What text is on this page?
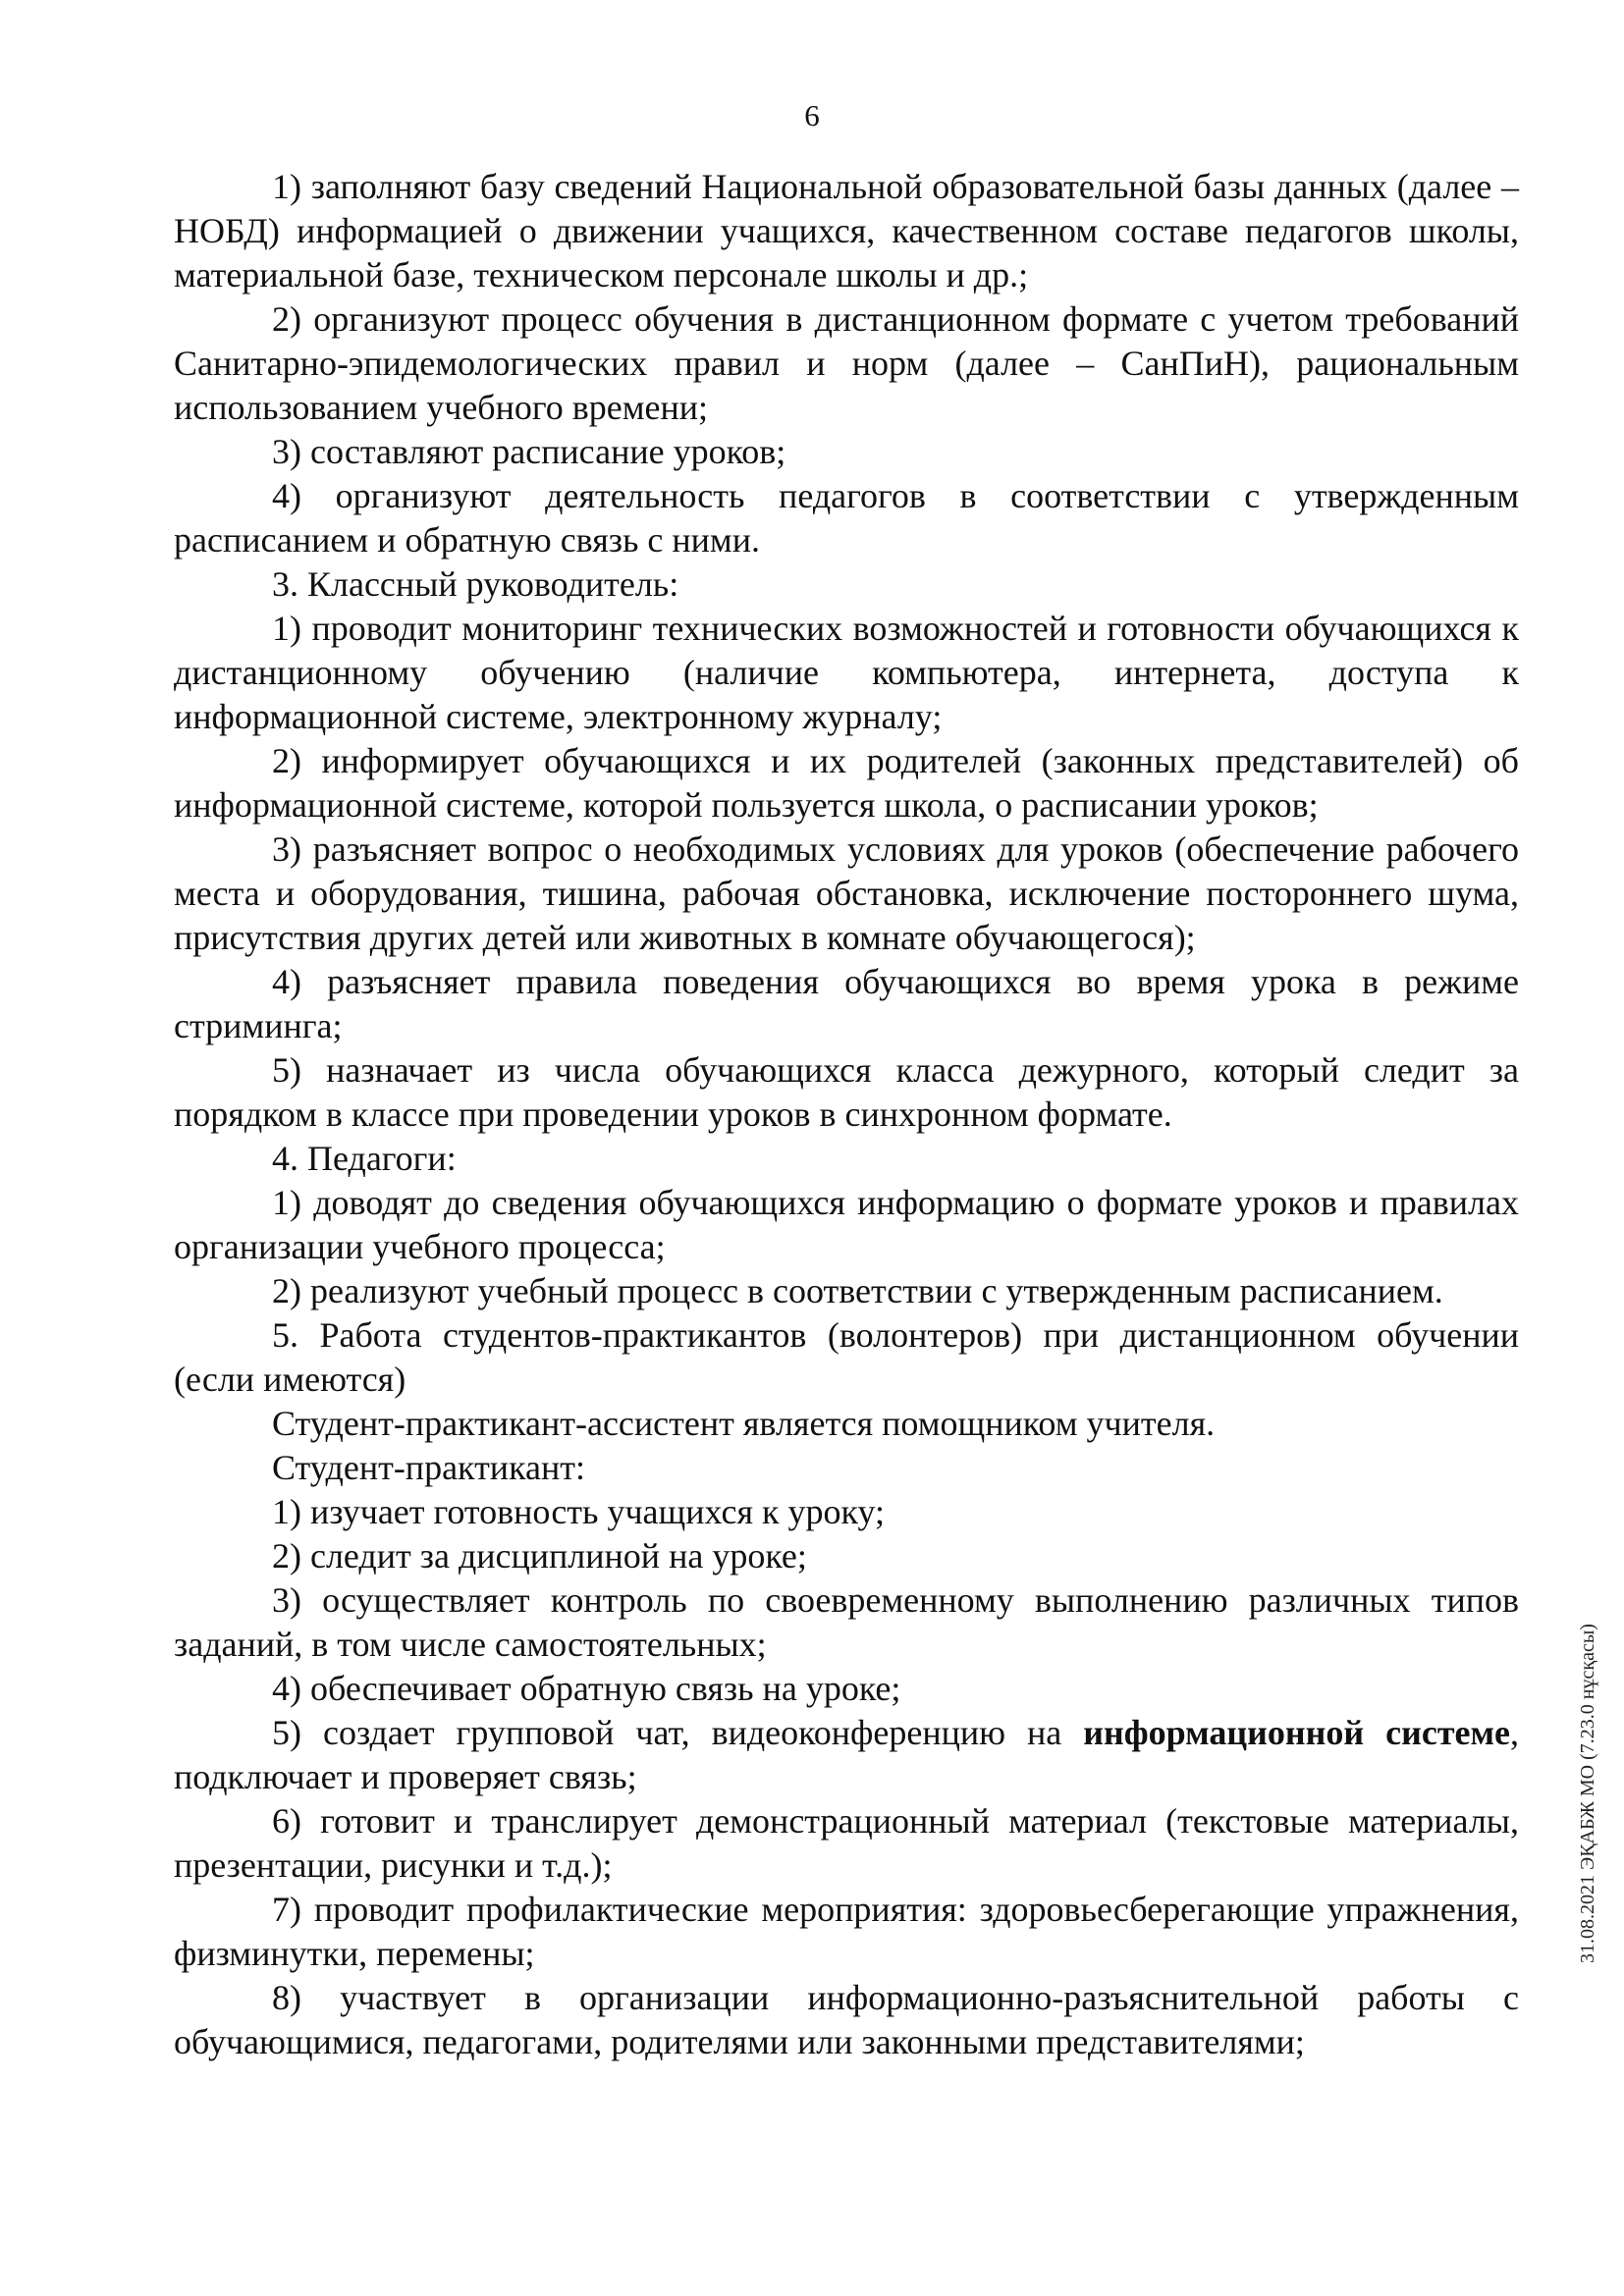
6

1) заполняют базу сведений Национальной образовательной базы данных (далее – НОБД) информацией о движении учащихся, качественном составе педагогов школы, материальной базе, техническом персонале школы и др.;

2) организуют процесс обучения в дистанционном формате с учетом требований Санитарно-эпидемологических правил и норм (далее – СанПиН), рациональным использованием учебного времени;

3) составляют расписание уроков;

4) организуют деятельность педагогов в соответствии с утвержденным расписанием и обратную связь с ними.

3. Классный руководитель:

1) проводит мониторинг технических возможностей и готовности обучающихся к дистанционному обучению (наличие компьютера, интернета, доступа к информационной системе, электронному журналу;

2) информирует обучающихся и их родителей (законных представителей) об информационной системе, которой пользуется школа, о расписании уроков;

3) разъясняет вопрос о необходимых условиях для уроков (обеспечение рабочего места и оборудования, тишина, рабочая обстановка, исключение постороннего шума, присутствия других детей или животных в комнате обучающегося);

4) разъясняет правила поведения обучающихся во время урока в режиме стриминга;

5) назначает из числа обучающихся класса дежурного, который следит за порядком в классе при проведении уроков в синхронном формате.

4. Педагоги:

1) доводят до сведения обучающихся информацию о формате уроков и правилах организации учебного процесса;

2) реализуют учебный процесс в соответствии с утвержденным расписанием.

5. Работа студентов-практикантов (волонтеров) при дистанционном обучении (если имеются)

Студент-практикант-ассистент является помощником учителя.

Студент-практикант:

1) изучает готовность учащихся к уроку;

2) следит за дисциплиной на уроке;

3) осуществляет контроль по своевременному выполнению различных типов заданий, в том числе самостоятельных;

4) обеспечивает обратную связь на уроке;

5) создает групповой чат, видеоконференцию на информационной системе, подключает и проверяет связь;

6) готовит и транслирует демонстрационный материал (текстовые материалы, презентации, рисунки и т.д.);

7) проводит профилактические мероприятия: здоровьесберегающие упражнения, физминутки, перемены;

8) участвует в организации информационно-разъяснительной работы с обучающимися, педагогами, родителями или законными представителями;

31.08.2021 ЭҚАБЖ МО (7.23.0 нұсқасы)
